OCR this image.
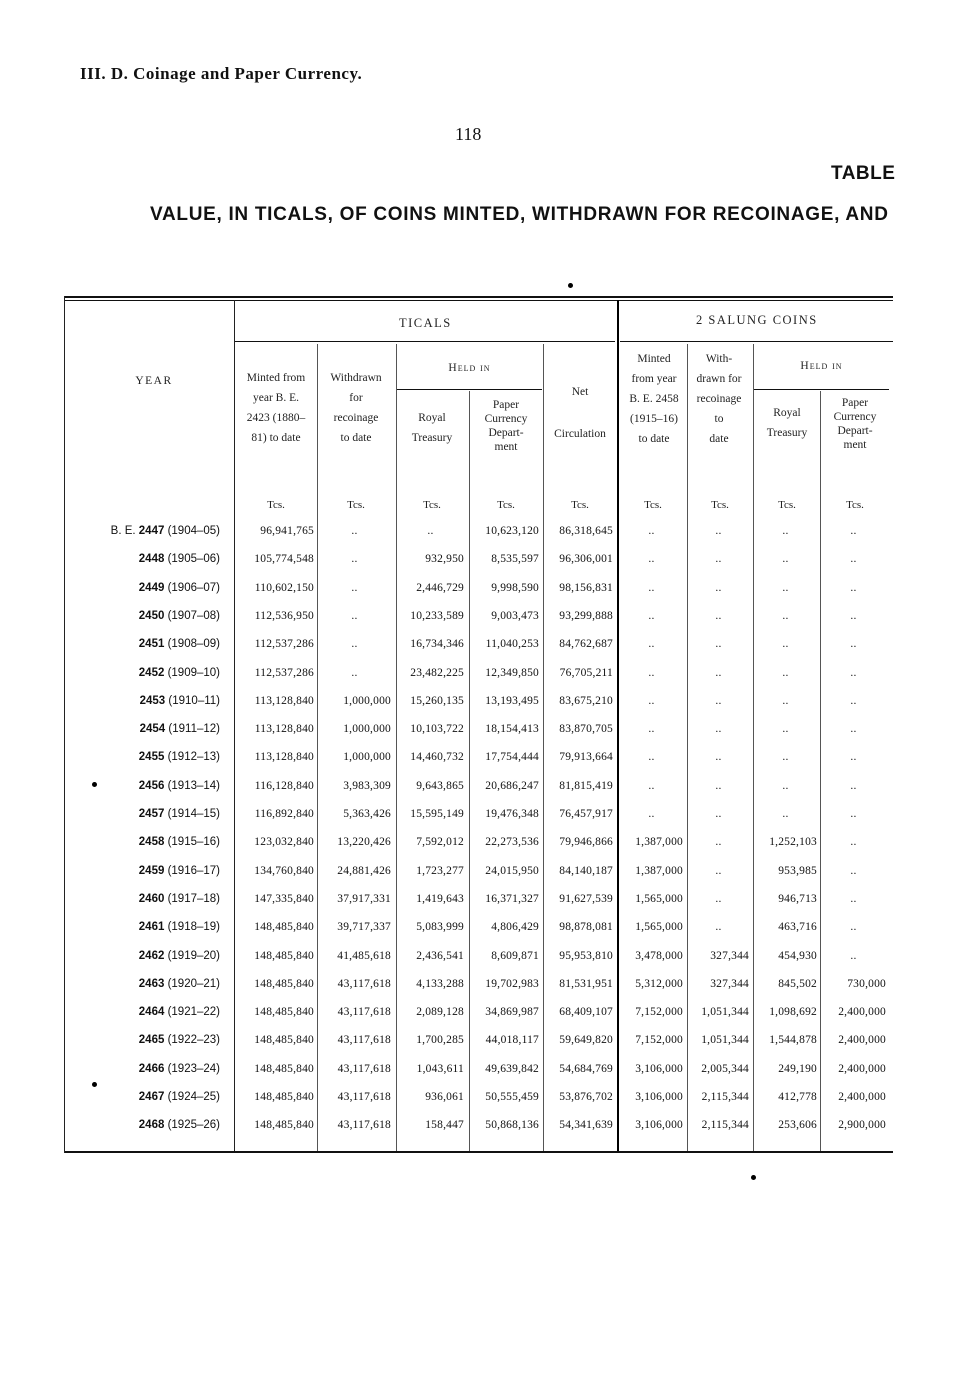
III. D. Coinage and Paper Currency.
118
TABLE
VALUE, IN TICALS, OF COINS MINTED, WITHDRAWN FOR RECOINAGE, AND
YEAR
TICALS	2 SALUNG COINS
Minted from
year B. E.
2423 (1880–
81) to date
Withdrawn
for
recoinage
to date
Held in
Royal
Treasury
Paper
Currency
Depart-
ment
Net
Circulation
Minted
from year
B. E. 2458
(1915–16)
to date
With-
drawn for
recoinage
to
date
Held in
Royal
Treasury
Paper
Currency
Depart-
ment
Tcs.	Tcs.	Tcs.	Tcs.	Tcs.	Tcs.	Tcs.	Tcs.	Tcs.
B. E. 2447 (1904–05)	96,941,765	..	..	10,623,120	86,318,645	..	..	..	..
2448 (1905–06)	105,774,548	..	932,950	8,535,597	96,306,001	..	..	..	..
2449 (1906–07)	110,602,150	..	2,446,729	9,998,590	98,156,831	..	..	..	..
2450 (1907–08)	112,536,950	..	10,233,589	9,003,473	93,299,888	..	..	..	..
2451 (1908–09)	112,537,286	..	16,734,346	11,040,253	84,762,687	..	..	..	..
2452 (1909–10)	112,537,286	..	23,482,225	12,349,850	76,705,211	..	..	..	..
2453 (1910–11)	113,128,840	1,000,000	15,260,135	13,193,495	83,675,210	..	..	..	..
2454 (1911–12)	113,128,840	1,000,000	10,103,722	18,154,413	83,870,705	..	..	..	..
2455 (1912–13)	113,128,840	1,000,000	14,460,732	17,754,444	79,913,664	..	..	..	..
2456 (1913–14)	116,128,840	3,983,309	9,643,865	20,686,247	81,815,419	..	..	..	..
2457 (1914–15)	116,892,840	5,363,426	15,595,149	19,476,348	76,457,917	..	..	..	..
2458 (1915–16)	123,032,840	13,220,426	7,592,012	22,273,536	79,946,866	1,387,000	..	1,252,103	..
2459 (1916–17)	134,760,840	24,881,426	1,723,277	24,015,950	84,140,187	1,387,000	..	953,985	..
2460 (1917–18)	147,335,840	37,917,331	1,419,643	16,371,327	91,627,539	1,565,000	..	946,713	..
2461 (1918–19)	148,485,840	39,717,337	5,083,999	4,806,429	98,878,081	1,565,000	..	463,716	..
2462 (1919–20)	148,485,840	41,485,618	2,436,541	8,609,871	95,953,810	3,478,000	327,344	454,930	..
2463 (1920–21)	148,485,840	43,117,618	4,133,288	19,702,983	81,531,951	5,312,000	327,344	845,502	730,000
2464 (1921–22)	148,485,840	43,117,618	2,089,128	34,869,987	68,409,107	7,152,000	1,051,344	1,098,692	2,400,000
2465 (1922–23)	148,485,840	43,117,618	1,700,285	44,018,117	59,649,820	7,152,000	1,051,344	1,544,878	2,400,000
2466 (1923–24)	148,485,840	43,117,618	1,043,611	49,639,842	54,684,769	3,106,000	2,005,344	249,190	2,400,000
2467 (1924–25)	148,485,840	43,117,618	936,061	50,555,459	53,876,702	3,106,000	2,115,344	412,778	2,400,000
2468 (1925–26)	148,485,840	43,117,618	158,447	50,868,136	54,341,639	3,106,000	2,115,344	253,606	2,900,000
